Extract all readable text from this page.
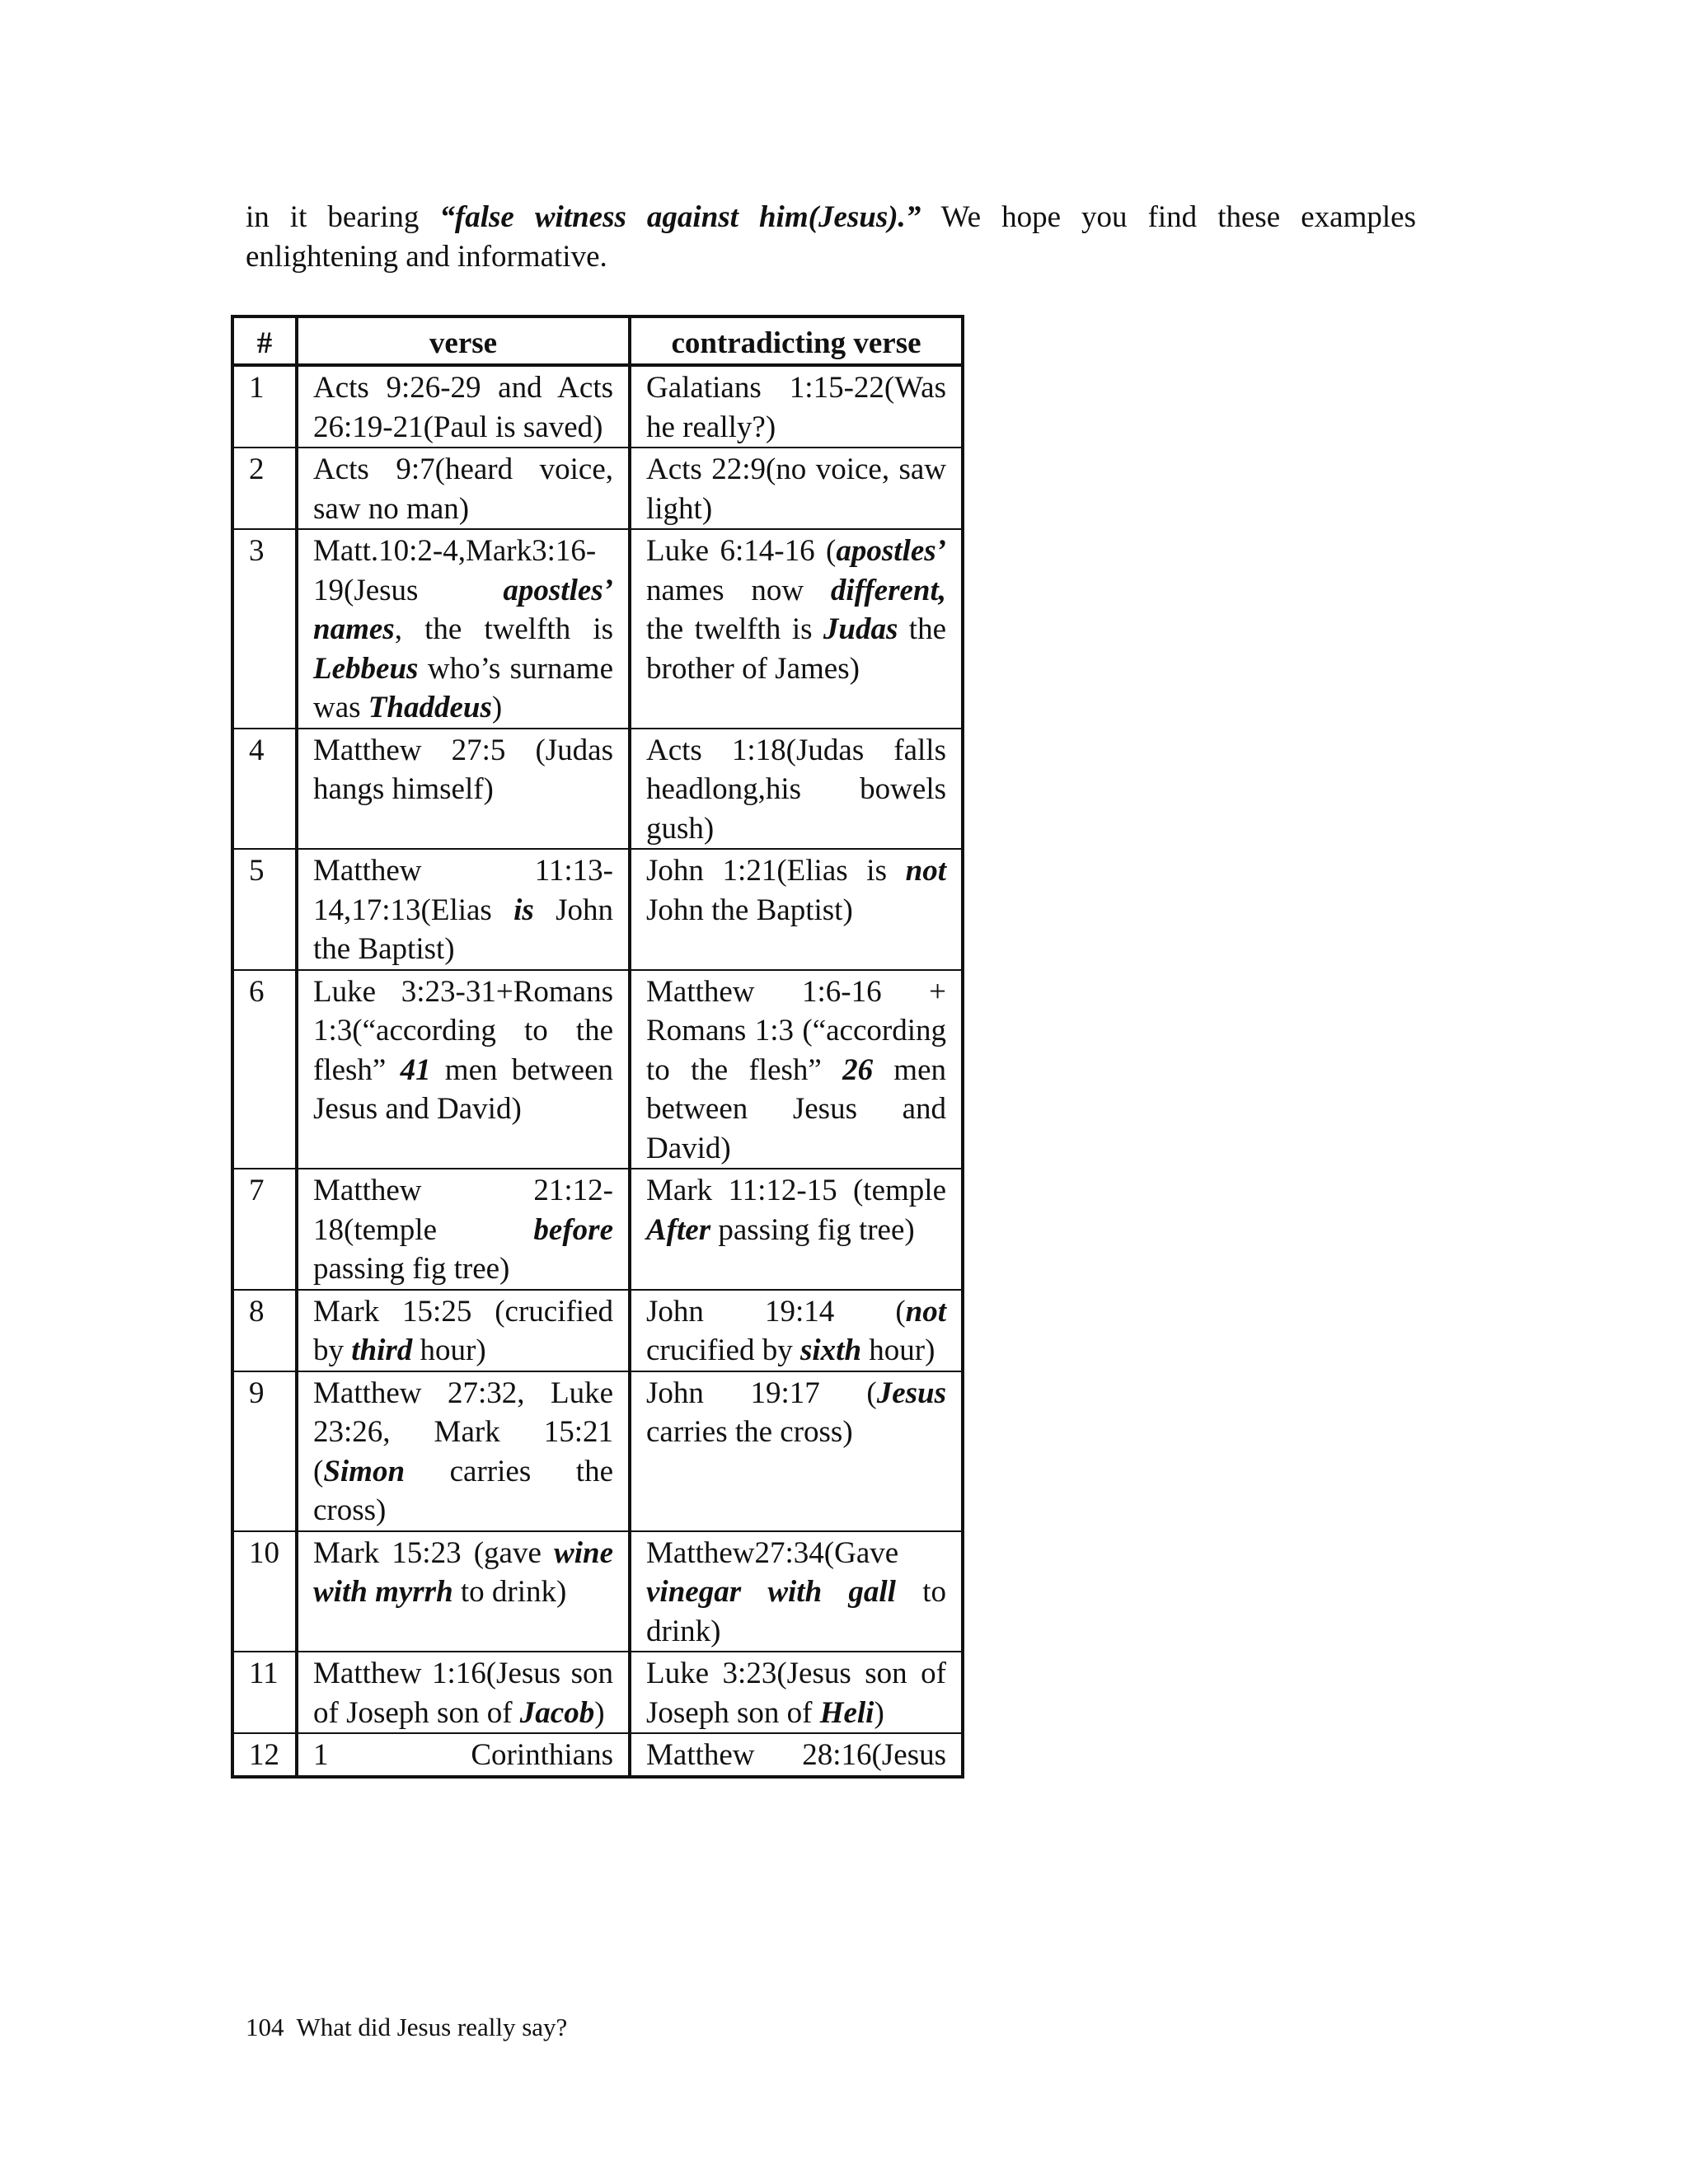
in it bearing “false witness against him(Jesus).” We hope you find these examples
enlightening and informative.

#	verse	contradicting verse
1	Acts 9:26-29 and Acts 26:19-21(Paul is saved)	Galatians 1:15-22(Was he really?)
2	Acts 9:7(heard voice, saw no man)	Acts 22:9(no voice, saw light)
3	Matt.10:2-4,Mark3:16-19(Jesus apostles’ names, the twelfth is Lebbeus who’s surname was Thaddeus)	Luke 6:14-16 (apostles’ names now different, the twelfth is Judas the brother of James)
4	Matthew 27:5 (Judas hangs himself)	Acts 1:18(Judas falls headlong,his bowels gush)
5	Matthew 11:13-14,17:13(Elias is John the Baptist)	John 1:21(Elias is not John the Baptist)
6	Luke 3:23-31+Romans 1:3(“according to the flesh” 41 men between Jesus and David)	Matthew 1:6-16 + Romans 1:3 (“according to the flesh” 26 men between Jesus and David)
7	Matthew 21:12-18(temple before passing fig tree)	Mark 11:12-15 (temple After passing fig tree)
8	Mark 15:25 (crucified by third hour)	John 19:14 (not crucified by sixth hour)
9	Matthew 27:32, Luke 23:26, Mark 15:21 (Simon carries the cross)	John 19:17 (Jesus carries the cross)
10	Mark 15:23 (gave wine with myrrh to drink)	Matthew27:34(Gave vinegar with gall to drink)
11	Matthew 1:16(Jesus son of Joseph son of Jacob)	Luke 3:23(Jesus son of Joseph son of Heli)
12	1 Corinthians	Matthew 28:16(Jesus
104 What did Jesus really say?
